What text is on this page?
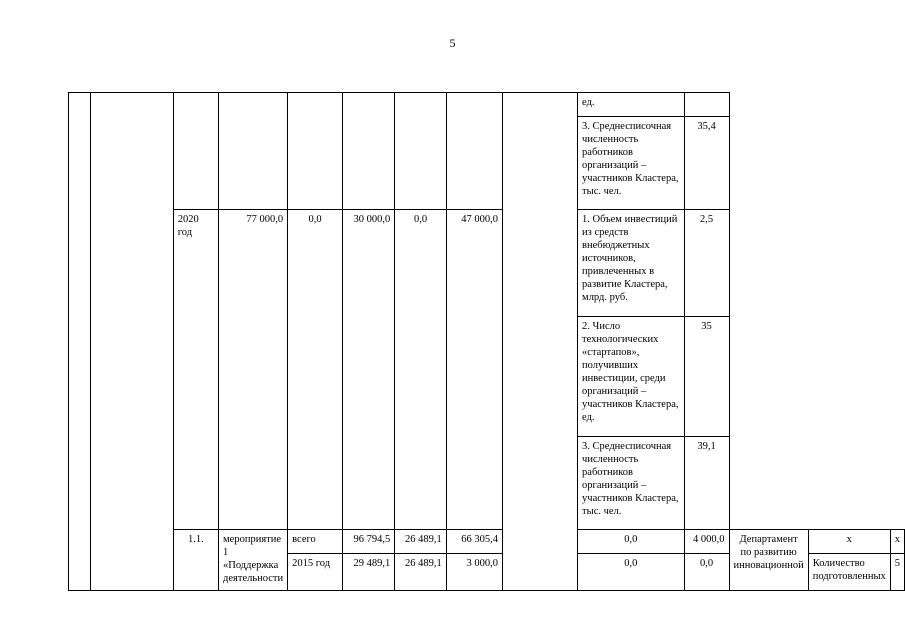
5
									ед.				
									3. Среднесписочная численность работников организаций – участников Кластера, тыс. чел.	35,4			
		2020 год	77 000,0	0,0	30 000,0	0,0	47 000,0		1. Объем инвестиций из средств внебюджетных источников, привлеченных в развитие Кластера, млрд. руб.	2,5			
									2. Число технологических «стартапов», получивших инвестиции, среди организаций – участников Кластера, ед.	35			
									3. Среднесписочная численность работников организаций – участников Кластера, тыс. чел.	39,1			
		1.1.	мероприятие 1 «Поддержка деятельности	всего	96 794,5	26 489,1	66 305,4		0,0	4 000,0	Департамент по развитию инновационной	х	х
				2015 год	29 489,1	26 489,1	3 000,0		0,0	0,0		Количество подготовленных	5
